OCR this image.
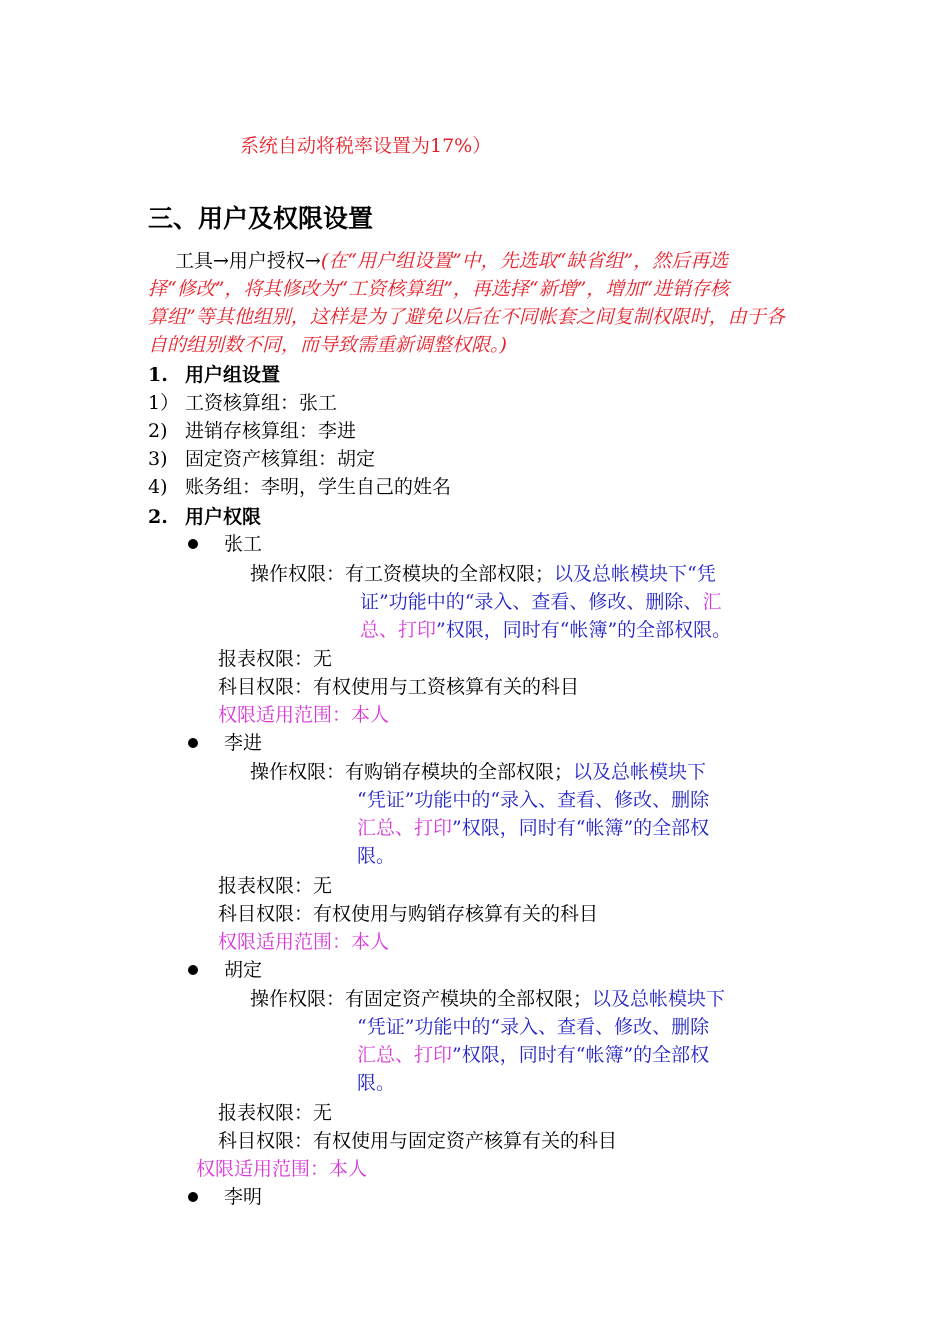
系统自动将税率设置为17%）
三、用户及权限设置
工具→用户授权→(在“用户组设置”中，先选取“缺省组”，然后再选
择“修改”，将其修改为“工资核算组”，再选择“新增”，增加“进销存核
算组”等其他组别，这样是为了避免以后在不同帐套之间复制权限时，由于各
自的组别数不同，而导致需重新调整权限。)
1. 用户组设置
1） 工资核算组：张工
2) 进销存核算组：李进
3) 固定资产核算组：胡定
4) 账务组：李明，学生自己的姓名
2. 用户权限
张工
操作权限：有工资模块的全部权限；以及总帐模块下“凭
证”功能中的“录入、查看、修改、删除、汇
总、打印”权限，同时有“帐簿”的全部权限。
报表权限：无
科目权限：有权使用与工资核算有关的科目
权限适用范围：本人
李进
操作权限：有购销存模块的全部权限；以及总帐模块下
“凭证”功能中的“录入、查看、修改、删除
汇总、打印”权限，同时有“帐簿”的全部权
限。
报表权限：无
科目权限：有权使用与购销存核算有关的科目
权限适用范围：本人
胡定
操作权限：有固定资产模块的全部权限；以及总帐模块下
“凭证”功能中的“录入、查看、修改、删除
汇总、打印”权限，同时有“帐簿”的全部权
限。
报表权限：无
科目权限：有权使用与固定资产核算有关的科目
权限适用范围：本人
李明
